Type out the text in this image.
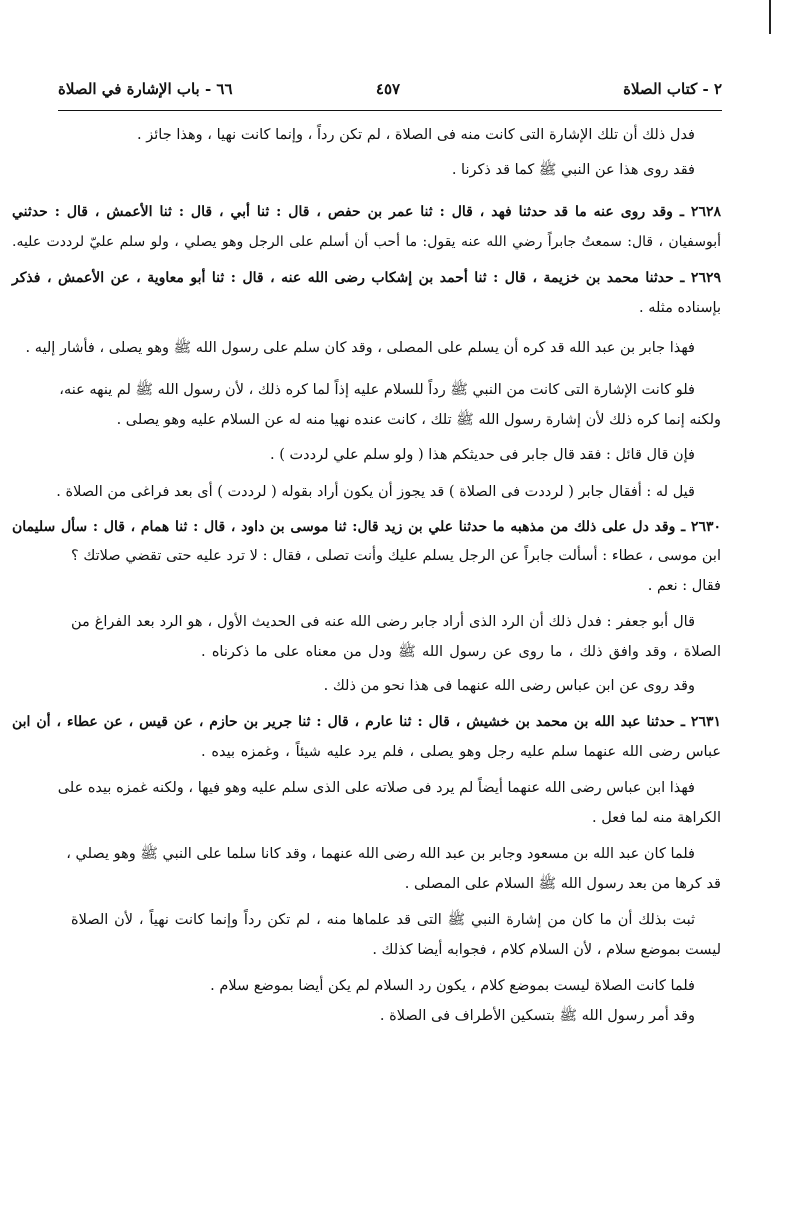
٢ - كتاب الصلاة
٤٥٧
٦٦ - باب الإشارة في الصلاة
فدل ذلك أن تلك الإشارة التى كانت منه فى الصلاة ، لم تكن رداً ، وإنما كانت نهيا ، وهذا جائز .
فقد روى هذا عن النبي ﷺ كما قد ذكرنا .
٢٦٢٨ ـ وقد روى عنه ما قد حدثنا فهد ، قال : ثنا عمر بن حفص ، قال : ثنا أبي ، قال : ثنا الأعمش ، قال : حدثني
أبوسفيان ، قال: سمعتُ جابراً رضي الله عنه يقول: ما أحب أن أسلم على الرجل وهو يصلي ، ولو سلم عليّ لرددت عليه.
٢٦٢٩ ـ حدثنا محمد بن خزيمة ، قال : ثنا أحمد بن إشكاب رضى الله عنه ، قال : ثنا أبو معاوية ، عن الأعمش ، فذكر
بإسناده مثله .
فهذا جابر بن عبد الله قد كره أن يسلم على المصلى ، وقد كان سلم على رسول الله ﷺ وهو يصلى ، فأشار إليه .
فلو كانت الإشارة التى كانت من النبي ﷺ رداً للسلام عليه إذاً لما كره ذلك ، لأن رسول الله ﷺ لم ينهه عنه،
ولكنه إنما كره ذلك لأن إشارة رسول الله ﷺ تلك ، كانت عنده نهيا منه له عن السلام عليه وهو يصلى .
فإن قال قائل : فقد قال جابر فى حديثكم هذا ( ولو سلم علي لرددت ) .
قيل له : أفقال جابر ( لرددت فى الصلاة ) قد يجوز أن يكون أراد بقوله ( لرددت ) أى بعد فراغى من الصلاة .
٢٦٣٠ ـ وقد دل على ذلك من مذهبه ما حدثنا علي بن زيد قال: ثنا موسى بن داود ، قال : ثنا همام ، قال : سأل سليمان
ابن موسى ، عطاء : أسألت جابراً عن الرجل يسلم عليك وأنت تصلى ، فقال : لا ترد عليه حتى تقضي صلاتك ؟
فقال : نعم .
قال أبو جعفر : فدل ذلك أن الرد الذى أراد جابر رضى الله عنه فى الحديث الأول ، هو الرد بعد الفراغ من
الصلاة ، وقد وافق ذلك ، ما روى عن رسول الله ﷺ ودل من معناه على ما ذكرناه .
وقد روى عن ابن عباس رضى الله عنهما فى هذا نحو من ذلك .
٢٦٣١ ـ حدثنا عبد الله بن محمد بن خشيش ، قال : ثنا عارم ، قال : ثنا جرير بن حازم ، عن قيس ، عن عطاء ، أن ابن
عباس رضى الله عنهما سلم عليه رجل وهو يصلى ، فلم يرد عليه شيئاً ، وغمزه بيده .
فهذا ابن عباس رضى الله عنهما أيضاً لم يرد فى صلاته على الذى سلم عليه وهو فيها ، ولكنه غمزه بيده على
الكراهة منه لما فعل .
فلما كان عبد الله بن مسعود وجابر بن عبد الله رضى الله عنهما ، وقد كانا سلما على النبي ﷺ وهو يصلي ،
قد كرها من بعد رسول الله ﷺ السلام على المصلى .
ثبت بذلك أن ما كان من إشارة النبي ﷺ التى قد علماها منه ، لم تكن رداً وإنما كانت نهياً ، لأن الصلاة
ليست بموضع سلام ، لأن السلام كلام ، فجوابه أيضا كذلك .
فلما كانت الصلاة ليست بموضع كلام ، يكون رد السلام لم يكن أيضا بموضع سلام .
وقد أمر رسول الله ﷺ بتسكين الأطراف فى الصلاة .
